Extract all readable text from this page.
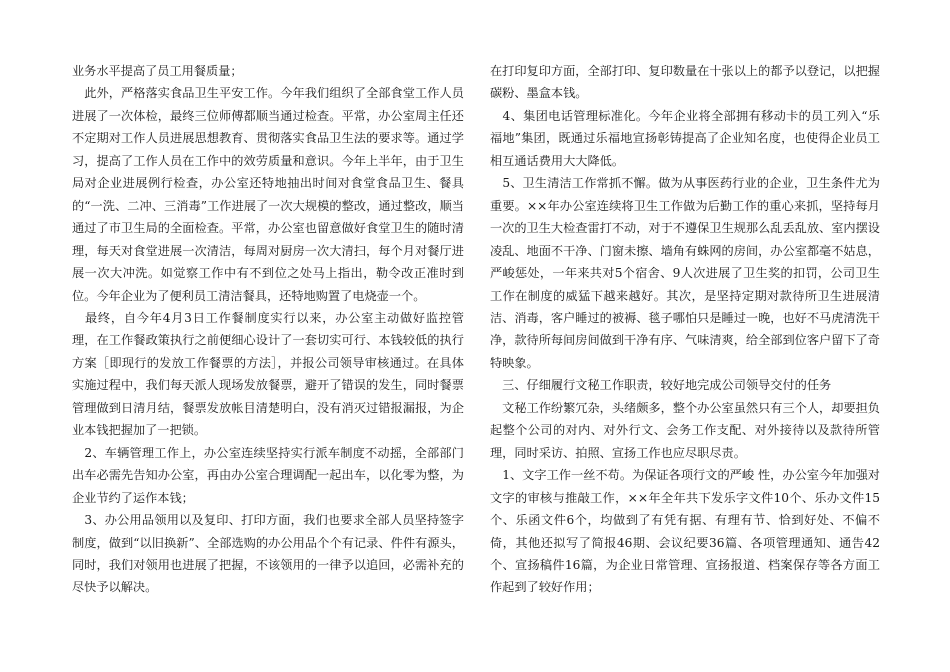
业务水平提高了员工用餐质量；

　此外，严格落实食品卫生平安工作。今年我们组织了全部食堂工作人员进展了一次体检，最终三位师傅都顺当通过检查。平常，办公室周主任还不定期对工作人员进展思想教育、贯彻落实食品卫生法的要求等。通过学习，提高了工作人员在工作中的效劳质量和意识。今年上半年，由于卫生局对企业进展例行检查，办公室还特地抽出时间对食堂食品卫生、餐具的“一洗、二冲、三消毒”工作进展了一次大规模的整改，通过整改，顺当通过了市卫生局的全面检查。平常，办公室也留意做好食堂卫生的随时清理，每天对食堂进展一次清洁，每周对厨房一次大清扫，每个月对餐厅进展一次大冲洗。如觉察工作中有不到位之处马上指出，勒令改正准时到位。今年企业为了便利员工清洁餐具，还特地购置了电烧壶一个。

　最终，自今年4月3日工作餐制度实行以来，办公室主动做好监控管理，在工作餐政策执行之前便细心设计了一套切实可行、本钱较低的执行方案［即现行的发放工作餐票的方法］，并报公司领导审核通过。在具体实施过程中，我们每天派人现场发放餐票，避开了错误的发生，同时餐票管理做到日清月结，餐票发放帐目清楚明白，没有消灭过错报漏报，为企业本钱把握加了一把锁。

　2、车辆管理工作上，办公室连续坚持实行派车制度不动摇，全部部门出车必需先告知办公室，再由办公室合理调配一起出车，以化零为整，为企业节约了运作本钱；

　3、办公用品领用以及复印、打印方面，我们也要求全部人员坚持签字制度，做到“以旧换新”、全部选购的办公用品个个有记录、件件有源头，同时，我们对领用也进展了把握，不该领用的一律予以追回，必需补充的尽快予以解决。

在打印复印方面，全部打印、复印数量在十张以上的都予以登记，以把握碳粉、墨盒本钱。

　4、集团电话管理标准化。今年企业将全部拥有移动卡的员工列入“乐福地”集团，既通过乐福地宣扬彰铸提高了企业知名度，也使得企业员工相互通话费用大大降低。

　5、卫生清洁工作常抓不懈。做为从事医药行业的企业，卫生条件尤为重要。××年办公室连续将卫生工作做为后勤工作的重心来抓，坚持每月一次的卫生大检查雷打不动，对于不遵保卫生规那么乱丢乱放、室内摆设凌乱、地面不干净、门窗未擦、墙角有蛛网的房间，办公室都毫不姑息，严峻惩处，一年来共对5个宿舍、9人次进展了卫生奖的扣罚，公司卫生工作在制度的威猛下越来越好。其次，是坚持定期对款待所卫生进展清洁、消毒，客户睡过的被褥、毯子哪怕只是睡过一晚，也好不马虎清洗干净，款待所每间房间做到干净有序、气味清爽，给全部到位客户留下了奇特映象。

　三、仔细履行文秘工作职责，较好地完成公司领导交付的任务

　文秘工作纷繁冗杂，头绪颇多，整个办公室虽然只有三个人，却要担负起整个公司的对内、对外行文、会务工作支配、对外接待以及款待所管理，同时采访、拍照、宣扬工作也应尽职尽责。

　1、文字工作一丝不苟。为保证各项行文的严峻 性，办公室今年加强对文字的审核与推敲工作，××年全年共下发乐字文件10个、乐办文件15个、乐函文件6个，均做到了有凭有据、有理有节、恰到好处、不偏不倚，其他还拟写了简报46期、会议纪要36篇、各项管理通知、通告42个、宣扬稿件16篇，为企业日常管理、宣扬报道、档案保存等各方面工作起到了较好作用；
